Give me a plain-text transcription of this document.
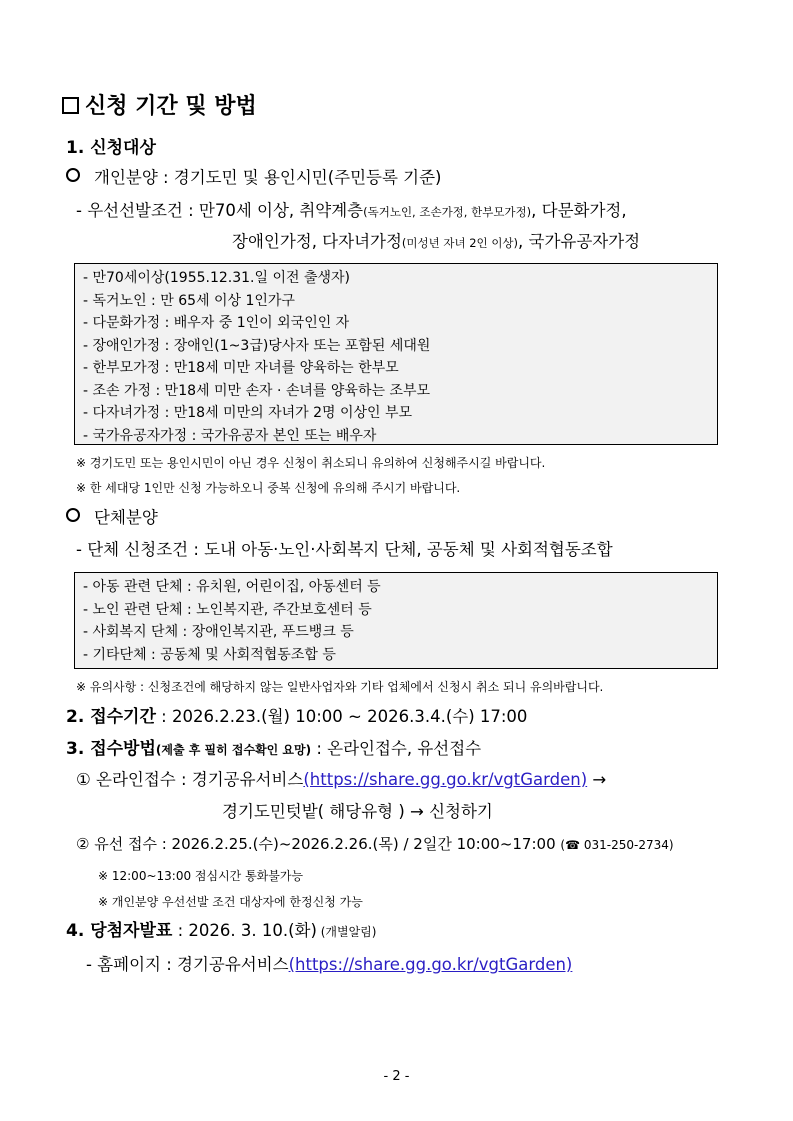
신청 기간 및 방법
1. 신청대상
개인분양 : 경기도민 및 용인시민(주민등록 기준)
- 우선선발조건 : 만70세 이상, 취약계층(독거노인, 조손가정, 한부모가정), 다문화가정,
장애인가정, 다자녀가정(미성년 자녀 2인 이상), 국가유공자가정
- 만70세이상(1955.12.31.일 이전 출생자)
- 독거노인 : 만 65세 이상 1인가구
- 다문화가정 : 배우자 중 1인이 외국인인 자
- 장애인가정 : 장애인(1~3급)당사자 또는 포함된 세대원
- 한부모가정 : 만18세 미만 자녀를 양육하는 한부모
- 조손 가정 : 만18세 미만 손자 · 손녀를 양육하는 조부모
- 다자녀가정 : 만18세 미만의 자녀가 2명 이상인 부모
- 국가유공자가정 : 국가유공자 본인 또는 배우자
※ 경기도민 또는 용인시민이 아닌 경우 신청이 취소되니 유의하여 신청해주시길 바랍니다.
※ 한 세대당 1인만 신청 가능하오니 중복 신청에 유의해 주시기 바랍니다.
단체분양
- 단체 신청조건 : 도내 아동·노인·사회복지 단체, 공동체 및 사회적협동조합
- 아동 관련 단체 : 유치원, 어린이집, 아동센터 등
- 노인 관련 단체 : 노인복지관, 주간보호센터 등
- 사회복지 단체 : 장애인복지관, 푸드뱅크 등
- 기타단체 : 공동체 및 사회적협동조합 등
※ 유의사항 : 신청조건에 해당하지 않는 일반사업자와 기타 업체에서 신청시 취소 되니 유의바랍니다.
2. 접수기간 : 2026.2.23.(월) 10:00 ~ 2026.3.4.(수) 17:00
3. 접수방법(제출 후 필히 접수확인 요망) : 온라인접수, 유선접수
① 온라인접수 : 경기공유서비스(https://share.gg.go.kr/vgtGarden) →
경기도민텃밭( 해당유형 ) → 신청하기
② 유선 접수 : 2026.2.25.(수)~2026.2.26.(목) / 2일간 10:00~17:00 (☎ 031-250-2734)
※ 12:00~13:00 점심시간 통화불가능
※ 개인분양 우선선발 조건 대상자에 한정신청 가능
4. 당첨자발표 : 2026. 3. 10.(화) (개별알림)
- 홈페이지 : 경기공유서비스(https://share.gg.go.kr/vgtGarden)
- 2 -
